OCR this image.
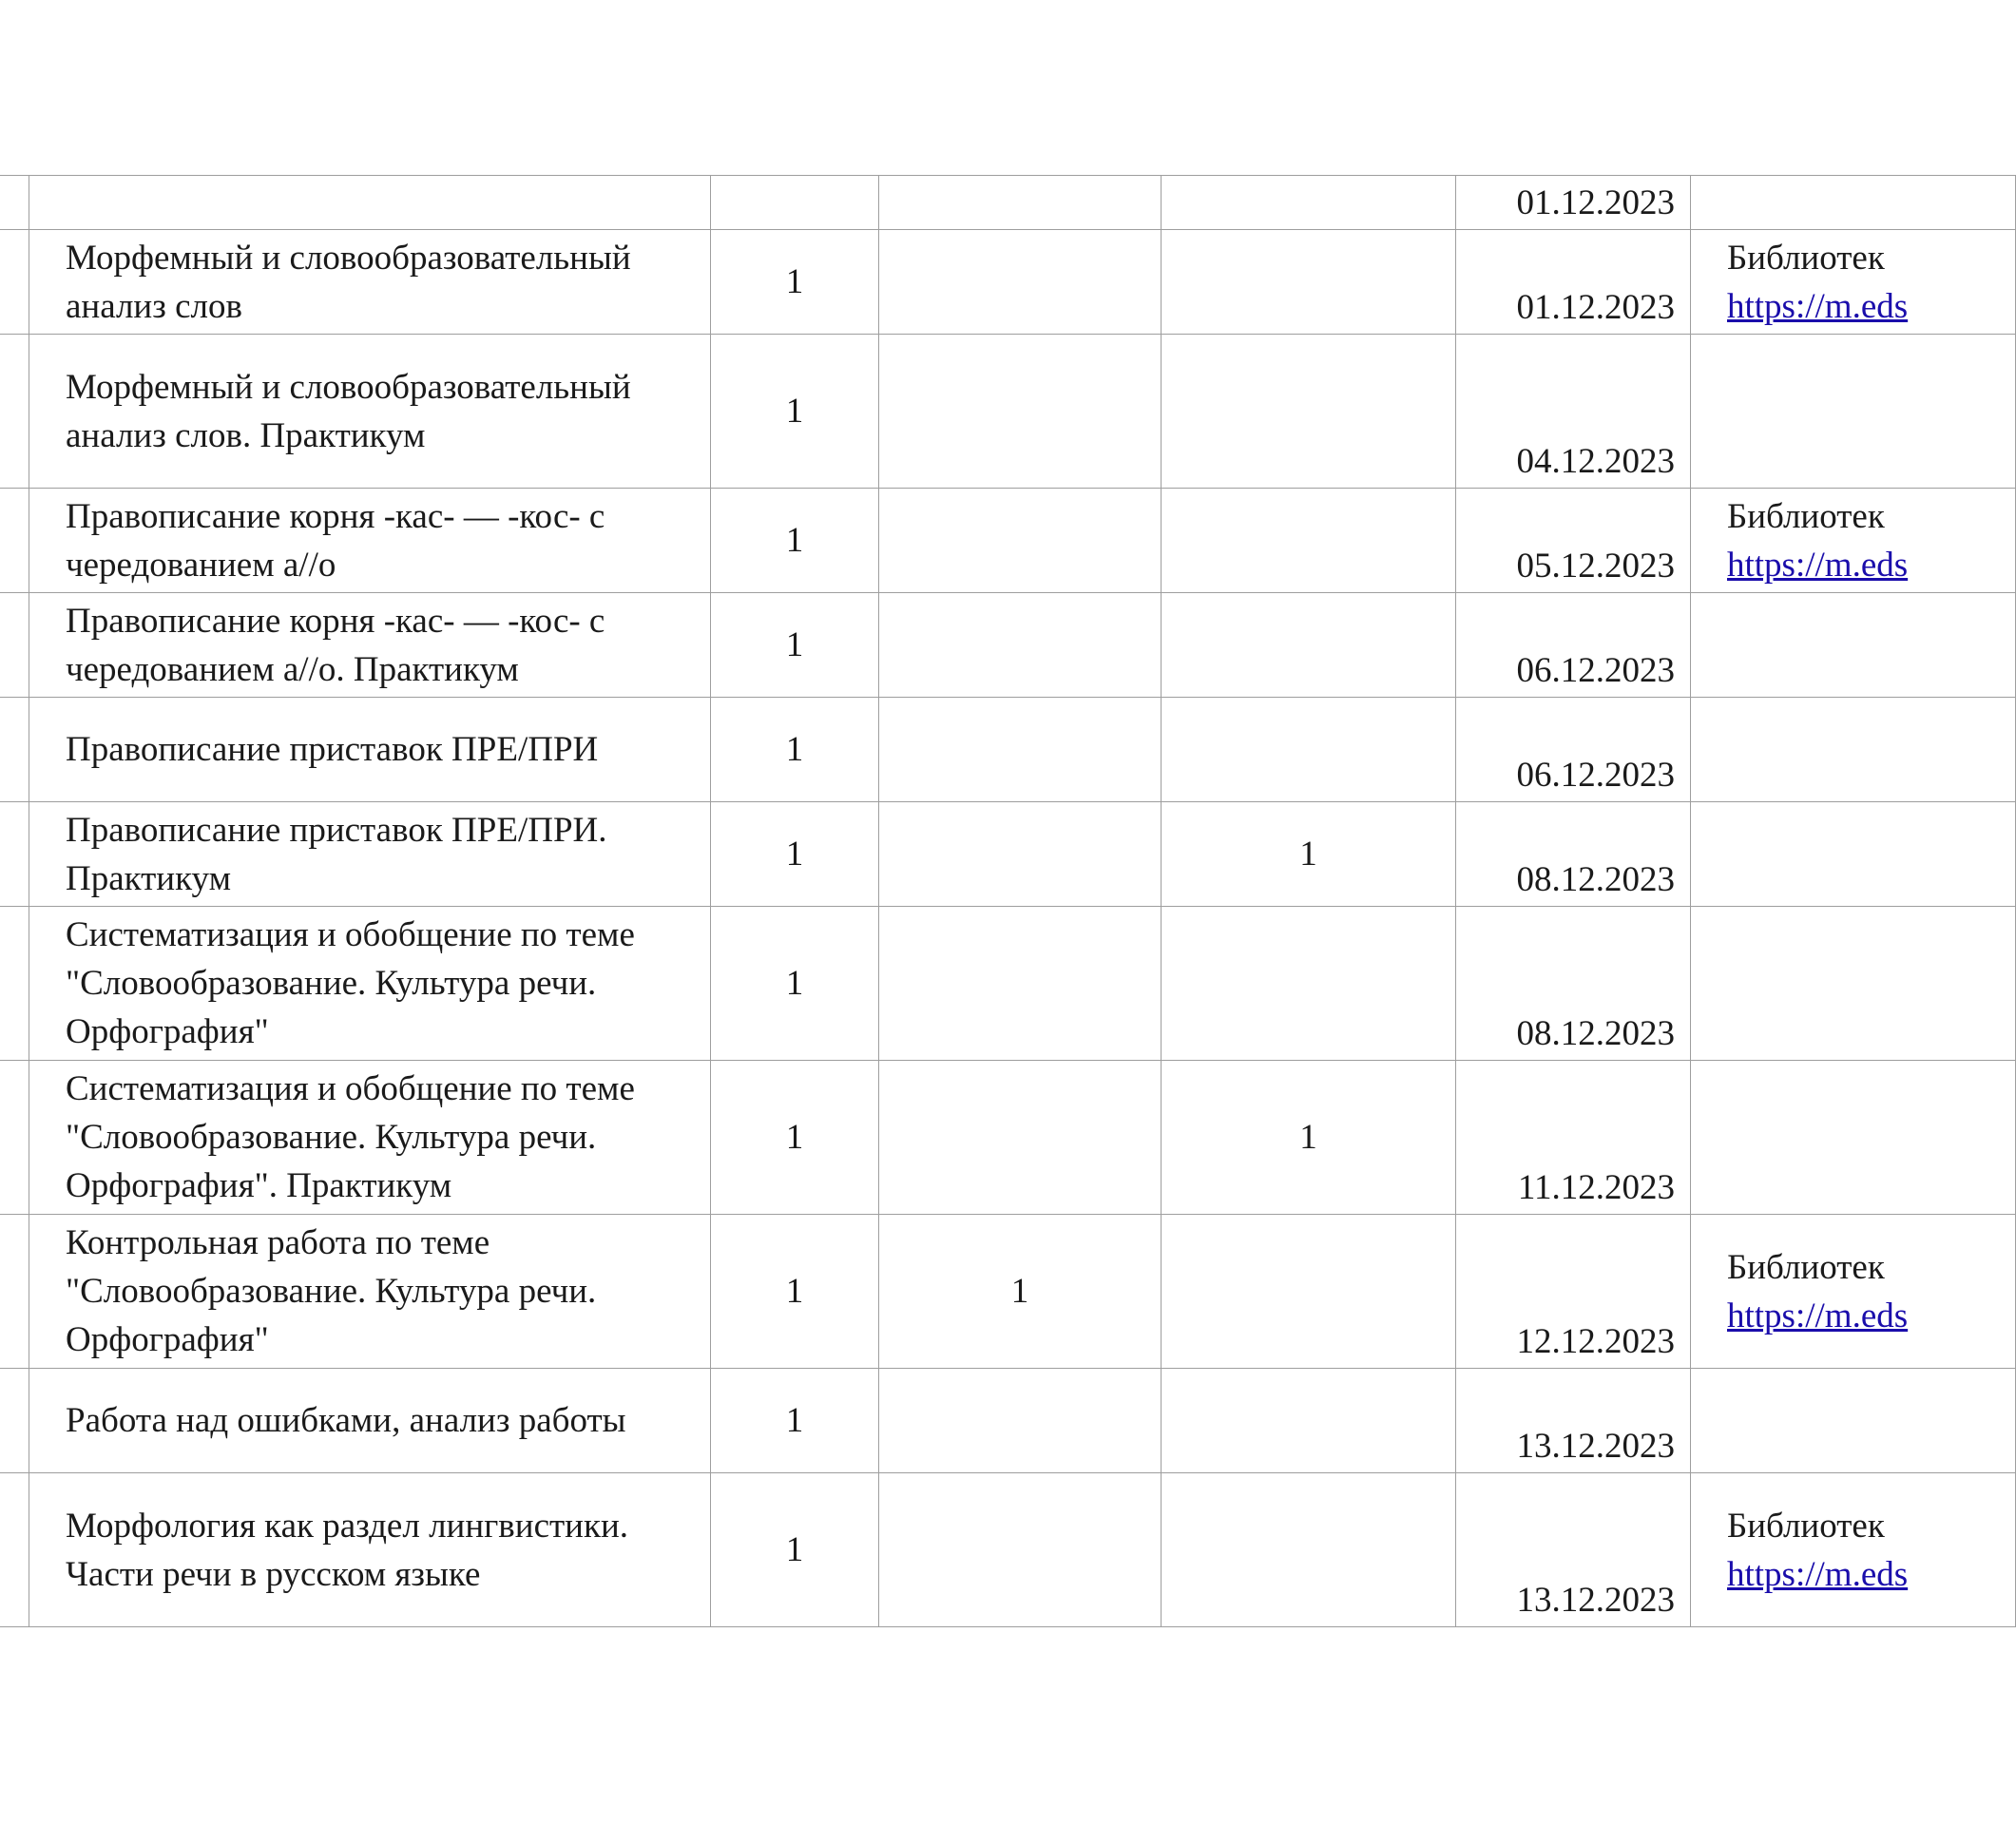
					01.12.2023	
	Морфемный и словообразовательный анализ слов	1			01.12.2023	Библиотек
https://m.eds

	Морфемный и словообразовательный анализ слов. Практикум	1			04.12.2023	
	Правописание корня -кас- — -кос- с чередованием а//о	1			05.12.2023	Библиотек
https://m.eds

	Правописание корня -кас- — -кос- с чередованием а//о. Практикум	1			06.12.2023	
	Правописание приставок ПРЕ/ПРИ	1			06.12.2023	
	Правописание приставок ПРЕ/ПРИ. Практикум	1		1	08.12.2023	
	Систематизация и обобщение по теме "Словообразование. Культура речи. Орфография"	1			08.12.2023	
	Систематизация и обобщение по теме "Словообразование. Культура речи. Орфография". Практикум	1		1	11.12.2023	
	Контрольная работа по теме "Словообразование. Культура речи. Орфография"	1	1		12.12.2023	Библиотек
https://m.eds

	Работа над ошибками, анализ работы	1			13.12.2023	
	Морфология как раздел лингвистики. Части речи в русском языке	1			13.12.2023	Библиотек
https://m.eds
